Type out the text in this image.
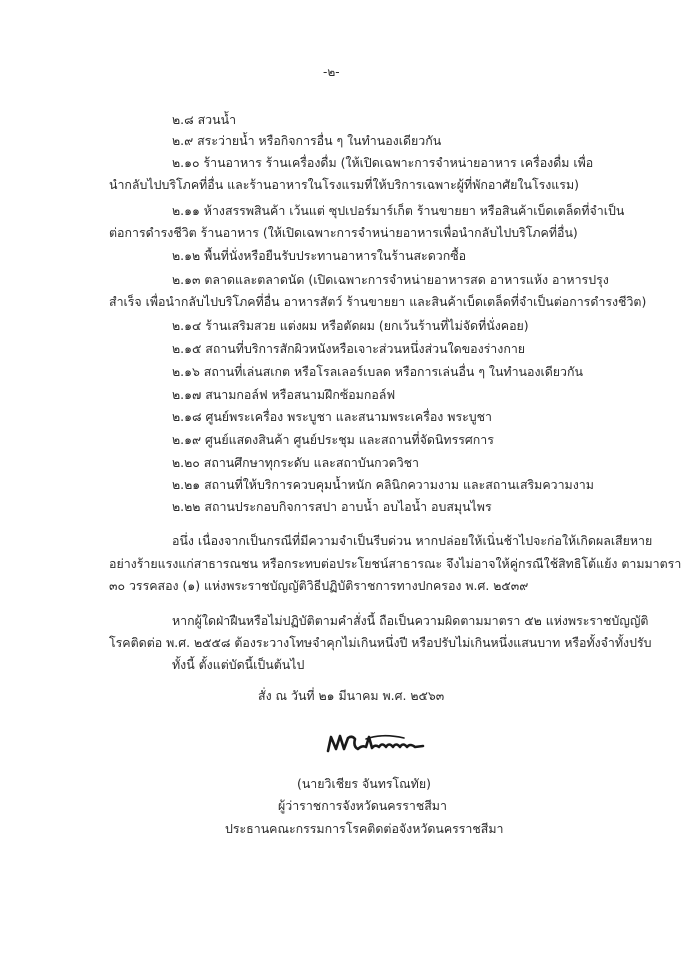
-๒-
๒.๘ สวนน้ำ
๒.๙ สระว่ายน้ำ หรือกิจการอื่น ๆ ในทำนองเดียวกัน
๒.๑๐ ร้านอาหาร ร้านเครื่องดื่ม (ให้เปิดเฉพาะการจำหน่ายอาหาร เครื่องดื่ม เพื่อ
นำกลับไปบริโภคที่อื่น และร้านอาหารในโรงแรมที่ให้บริการเฉพาะผู้ที่พักอาศัยในโรงแรม)
๒.๑๑ ห้างสรรพสินค้า เว้นแต่ ซุปเปอร์มาร์เก็ต ร้านขายยา หรือสินค้าเบ็ดเตล็ดที่จำเป็น
ต่อการดำรงชีวิต ร้านอาหาร (ให้เปิดเฉพาะการจำหน่ายอาหารเพื่อนำกลับไปบริโภคที่อื่น)
๒.๑๒ พื้นที่นั่งหรือยืนรับประทานอาหารในร้านสะดวกซื้อ
๒.๑๓ ตลาดและตลาดนัด (เปิดเฉพาะการจำหน่ายอาหารสด อาหารแห้ง อาหารปรุง
สำเร็จ เพื่อนำกลับไปบริโภคที่อื่น อาหารสัตว์ ร้านขายยา และสินค้าเบ็ดเตล็ดที่จำเป็นต่อการดำรงชีวิต)
๒.๑๔ ร้านเสริมสวย แต่งผม หรือตัดผม (ยกเว้นร้านที่ไม่จัดที่นั่งคอย)
๒.๑๕ สถานที่บริการสักผิวหนังหรือเจาะส่วนหนึ่งส่วนใดของร่างกาย
๒.๑๖ สถานที่เล่นสเกต หรือโรลเลอร์เบลด หรือการเล่นอื่น ๆ ในทำนองเดียวกัน
๒.๑๗ สนามกอล์ฟ หรือสนามฝึกซ้อมกอล์ฟ
๒.๑๘ ศูนย์พระเครื่อง พระบูชา และสนามพระเครื่อง พระบูชา
๒.๑๙ ศูนย์แสดงสินค้า ศูนย์ประชุม และสถานที่จัดนิทรรศการ
๒.๒๐ สถานศึกษาทุกระดับ และสถาบันกวดวิชา
๒.๒๑ สถานที่ให้บริการควบคุมน้ำหนัก คลินิกความงาม และสถานเสริมความงาม
๒.๒๒ สถานประกอบกิจการสปา อาบน้ำ อบไอน้ำ อบสมุนไพร
อนึ่ง เนื่องจากเป็นกรณีที่มีความจำเป็นรีบด่วน หากปล่อยให้เนิ่นช้าไปจะก่อให้เกิดผลเสียหาย
อย่างร้ายแรงแก่สาธารณชน หรือกระทบต่อประโยชน์สาธารณะ จึงไม่อาจให้คู่กรณีใช้สิทธิโต้แย้ง ตามมาตรา
๓๐ วรรคสอง (๑) แห่งพระราชบัญญัติวิธีปฏิบัติราชการทางปกครอง พ.ศ. ๒๕๓๙
หากผู้ใดฝ่าฝืนหรือไม่ปฏิบัติตามคำสั่งนี้ ถือเป็นความผิดตามมาตรา ๕๒ แห่งพระราชบัญญัติ
โรคติดต่อ พ.ศ. ๒๕๕๘ ต้องระวางโทษจำคุกไม่เกินหนึ่งปี หรือปรับไม่เกินหนึ่งแสนบาท หรือทั้งจำทั้งปรับ
ทั้งนี้ ตั้งแต่บัดนี้เป็นต้นไป
สั่ง ณ วันที่ ๒๑ มีนาคม พ.ศ. ๒๕๖๓
(นายวิเชียร จันทรโณทัย)
ผู้ว่าราชการจังหวัดนครราชสีมา
ประธานคณะกรรมการโรคติดต่อจังหวัดนครราชสีมา
